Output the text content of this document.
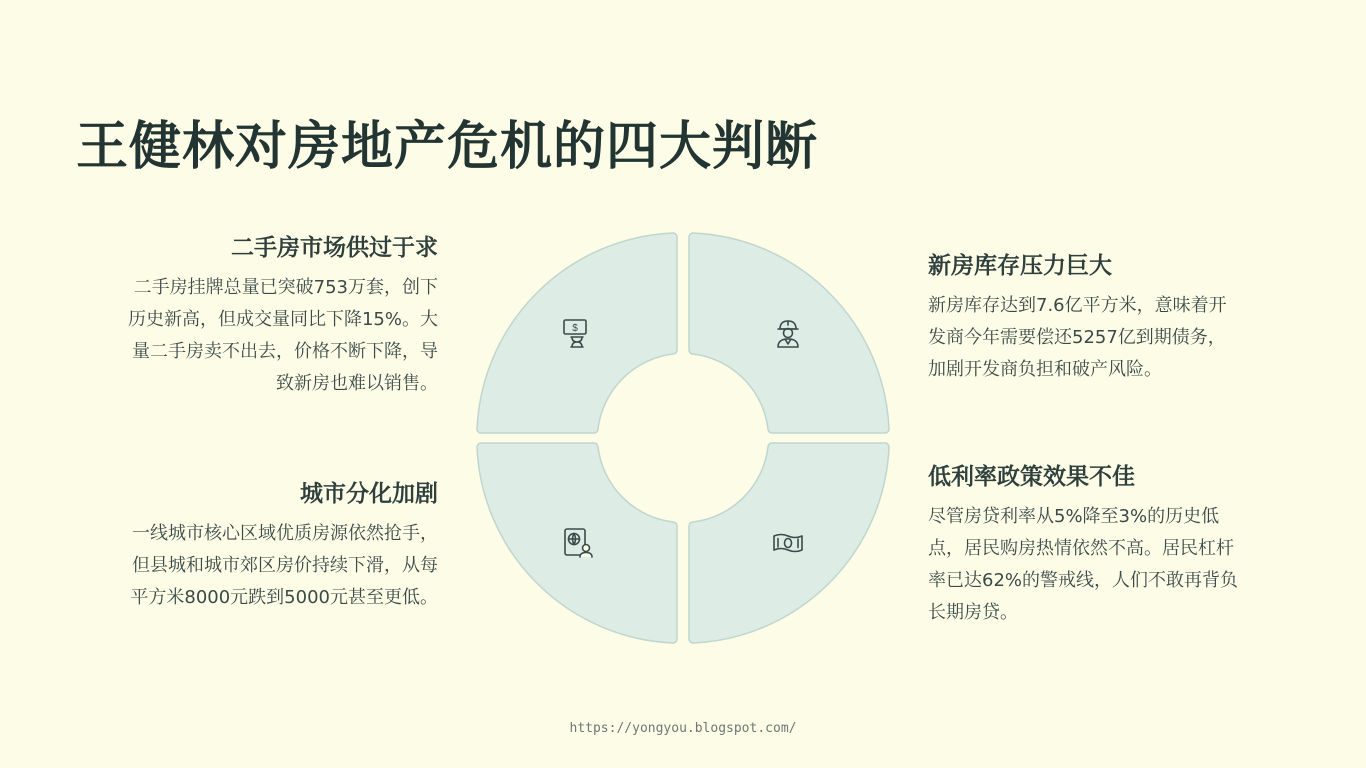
王健林对房地产危机的四大判断
二手房市场供过于求
二手房挂牌总量已突破753万套，创下
历史新高，但成交量同比下降15%。大
量二手房卖不出去，价格不断下降，导
致新房也难以销售。
城市分化加剧
一线城市核心区域优质房源依然抢手，
但县城和城市郊区房价持续下滑，从每
平方米8000元跌到5000元甚至更低。
新房库存压力巨大
新房库存达到7.6亿平方米，意味着开
发商今年需要偿还5257亿到期债务，
加剧开发商负担和破产风险。
低利率政策效果不佳
尽管房贷利率从5%降至3%的历史低
点，居民购房热情依然不高。居民杠杆
率已达62%的警戒线，人们不敢再背负
长期房贷。
$
https://yongyou.blogspot.com/
